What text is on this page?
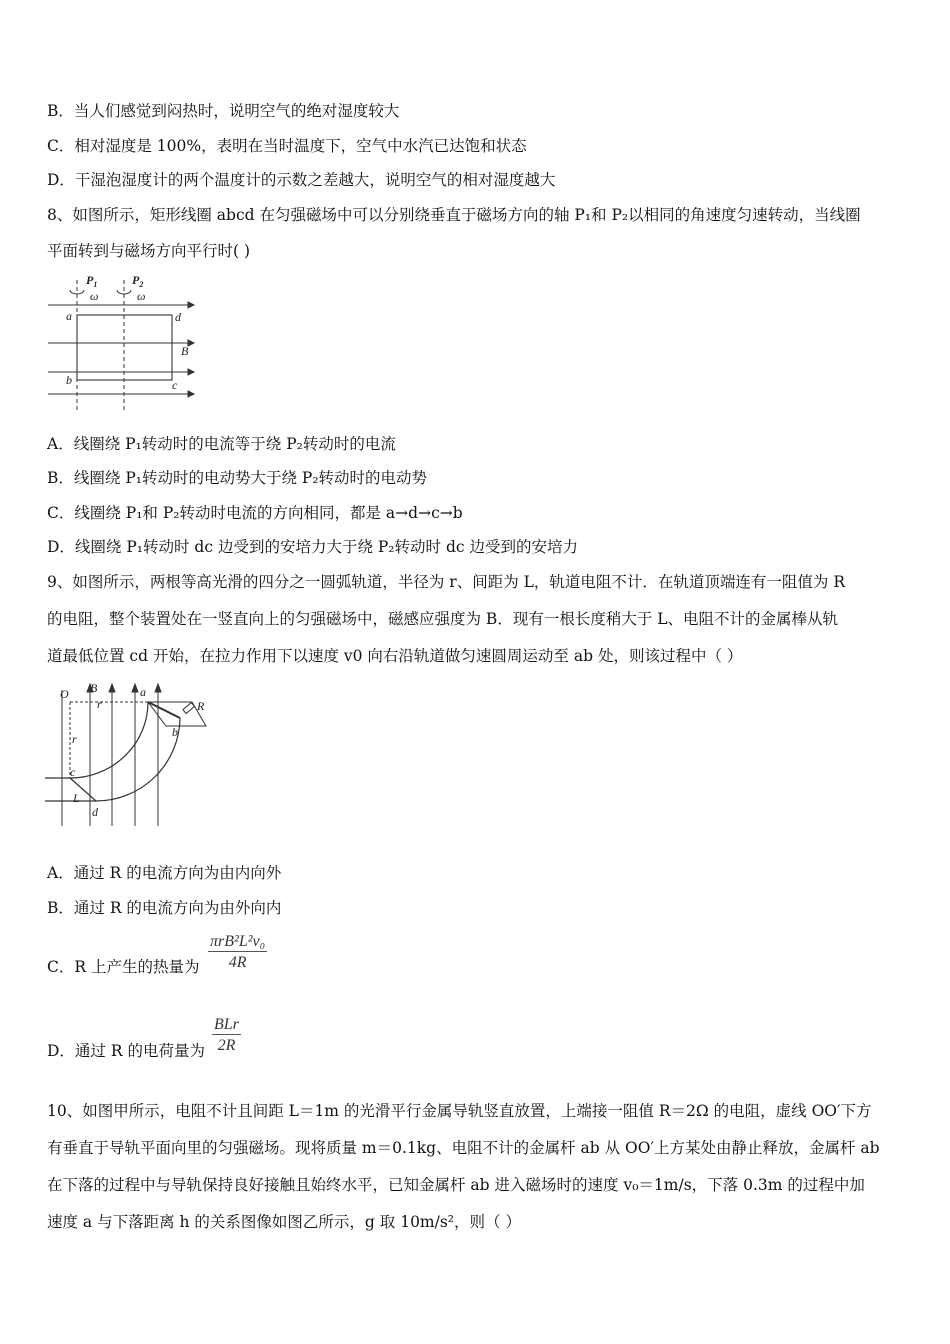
B．当人们感觉到闷热时，说明空气的绝对湿度较大
C．相对湿度是 100%，表明在当时温度下，空气中水汽已达饱和状态
D．干湿泡湿度计的两个温度计的示数之差越大，说明空气的相对湿度越大
8、如图所示，矩形线圈 abcd 在匀强磁场中可以分别绕垂直于磁场方向的轴 P₁和 P₂以相同的角速度匀速转动，当线圈
平面转到与磁场方向平行时( )
$P_1$	$P_2$
ω	ω
a	d
B
b	c
A．线圈绕 P₁转动时的电流等于绕 P₂转动时的电流
B．线圈绕 P₁转动时的电动势大于绕 P₂转动时的电动势
C．线圈绕 P₁和 P₂转动时电流的方向相同，都是 a→d→c→b
D．线圈绕 P₁转动时 dc 边受到的安培力大于绕 P₂转动时 dc 边受到的安培力
9、如图所示，两根等高光滑的四分之一圆弧轨道，半径为 r、间距为 L，轨道电阻不计．在轨道顶端连有一阻值为 R
的电阻，整个装置处在一竖直向上的匀强磁场中，磁感应强度为 B．现有一根长度稍大于 L、电阻不计的金属棒从轨
道最低位置 cd 开始，在拉力作用下以速度 v0 向右沿轨道做匀速圆周运动至 ab 处，则该过程中（ ）
O B
r
a
R
b
r
c
L
d
A．通过 R 的电流方向为由内向外
B．通过 R 的电流方向为由外向内
C．R 上产生的热量为
πrB²L²v₀
4R
D．通过 R 的电荷量为
BLr
2R
10、如图甲所示，电阻不计且间距 L＝1m 的光滑平行金属导轨竖直放置，上端接一阻值 R＝2Ω 的电阻，虚线 OO′下方
有垂直于导轨平面向里的匀强磁场。现将质量 m＝0.1kg、电阻不计的金属杆 ab 从 OO′上方某处由静止释放，金属杆 ab
在下落的过程中与导轨保持良好接触且始终水平，已知金属杆 ab 进入磁场时的速度 v₀＝1m/s，下落 0.3m 的过程中加
速度 a 与下落距离 h 的关系图像如图乙所示，g 取 10m/s²，则（ ）
